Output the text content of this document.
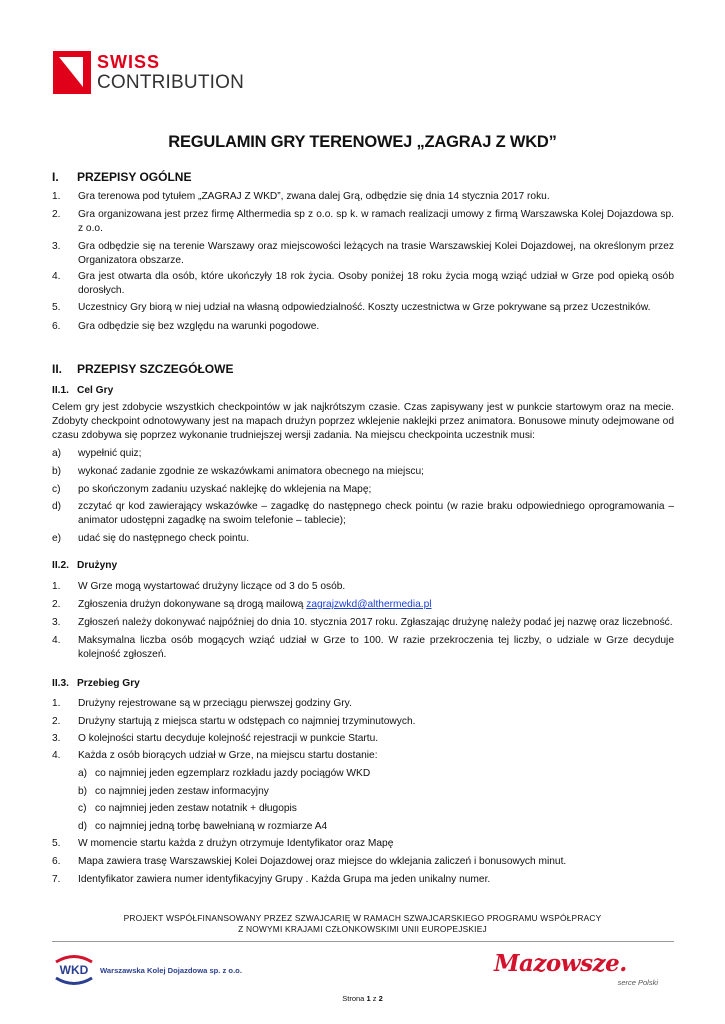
SWISS
CONTRIBUTION
REGULAMIN GRY TERENOWEJ „ZAGRAJ Z WKD”
I.	PRZEPISY OGÓLNE
1.	Gra terenowa pod tytułem „ZAGRAJ Z WKD”, zwana dalej Grą, odbędzie się dnia 14 stycznia 2017 roku.
2.	Gra organizowana jest przez firmę Althermedia sp z o.o. sp k. w ramach realizacji umowy z firmą Warszawska Kolej Dojazdowa sp. z o.o.
3.	Gra odbędzie się na terenie Warszawy oraz miejscowości leżących na trasie Warszawskiej Kolei Dojazdowej, na określonym przez Organizatora obszarze.
4.	Gra jest otwarta dla osób, które ukończyły 18 rok życia. Osoby poniżej 18 roku życia mogą wziąć udział w Grze pod opieką osób dorosłych.
5.	Uczestnicy Gry biorą w niej udział na własną odpowiedzialność. Koszty uczestnictwa w Grze pokrywane są przez Uczestników.
6.	Gra odbędzie się bez względu na warunki pogodowe.
II.	PRZEPISY SZCZEGÓŁOWE
II.1. Cel Gry
Celem gry jest zdobycie wszystkich checkpointów w jak najkrótszym czasie. Czas zapisywany jest w punkcie startowym oraz na mecie. Zdobyty checkpoint odnotowywany jest na mapach drużyn poprzez wklejenie naklejki przez animatora. Bonusowe minuty odejmowane od czasu zdobywa się poprzez wykonanie trudniejszej wersji zadania. Na miejscu checkpointa uczestnik musi:
a)	wypełnić quiz;
b)	wykonać zadanie zgodnie ze wskazówkami animatora obecnego na miejscu;
c)	po skończonym zadaniu uzyskać naklejkę do wklejenia na Mapę;
d)	zczytać qr kod zawierający wskazówke – zagadkę do następnego check pointu (w razie braku odpowiedniego oprogramowania – animator udostępni zagadkę na swoim telefonie – tablecie);
e)	udać się do następnego check pointu.
II.2. Drużyny
1.	W Grze mogą wystartować drużyny liczące od 3 do 5 osób.
2.	Zgłoszenia drużyn dokonywane są drogą mailową zagrajzwkd@althermedia.pl
3.	Zgłoszeń należy dokonywać najpóźniej do dnia 10. stycznia 2017 roku. Zgłaszając drużynę należy podać jej nazwę oraz liczebność.
4.	Maksymalna liczba osób mogących wziąć udział w Grze to 100. W razie przekroczenia tej liczby, o udziale w Grze decyduje kolejność zgłoszeń.
II.3. Przebieg Gry
1.	Drużyny rejestrowane są w przeciągu pierwszej godziny Gry.
2.	Drużyny startują z miejsca startu w odstępach co najmniej trzyminutowych.
3.	O kolejności startu decyduje kolejność rejestracji w punkcie Startu.
4.	Każda z osób biorących udział w Grze, na miejscu startu dostanie:
a) co najmniej jeden egzemplarz rozkładu jazdy pociągów WKD
b) co najmniej jeden zestaw informacyjny
c) co najmniej jeden zestaw notatnik + długopis
d) co najmniej jedną torbę bawełnianą w rozmiarze A4
5.	W momencie startu każda z drużyn otrzymuje Identyfikator oraz Mapę
6.	Mapa zawiera trasę Warszawskiej Kolei Dojazdowej oraz miejsce do wklejania zaliczeń i bonusowych minut.
7.	Identyfikator zawiera numer identyfikacyjny Grupy . Każda Grupa ma jeden unikalny numer.
PROJEKT WSPÓŁFINANSOWANY PRZEZ SZWAJCARIĘ W RAMACH SZWAJCARSKIEGO PROGRAMU WSPÓŁPRACY
Z NOWYMI KRAJAMI CZŁONKOWSKIMI UNII EUROPEJSKIEJ
WKD Warszawska Kolej Dojazdowa sp. z o.o.	Mazowsze.
serce Polski
Strona 1 z 2
